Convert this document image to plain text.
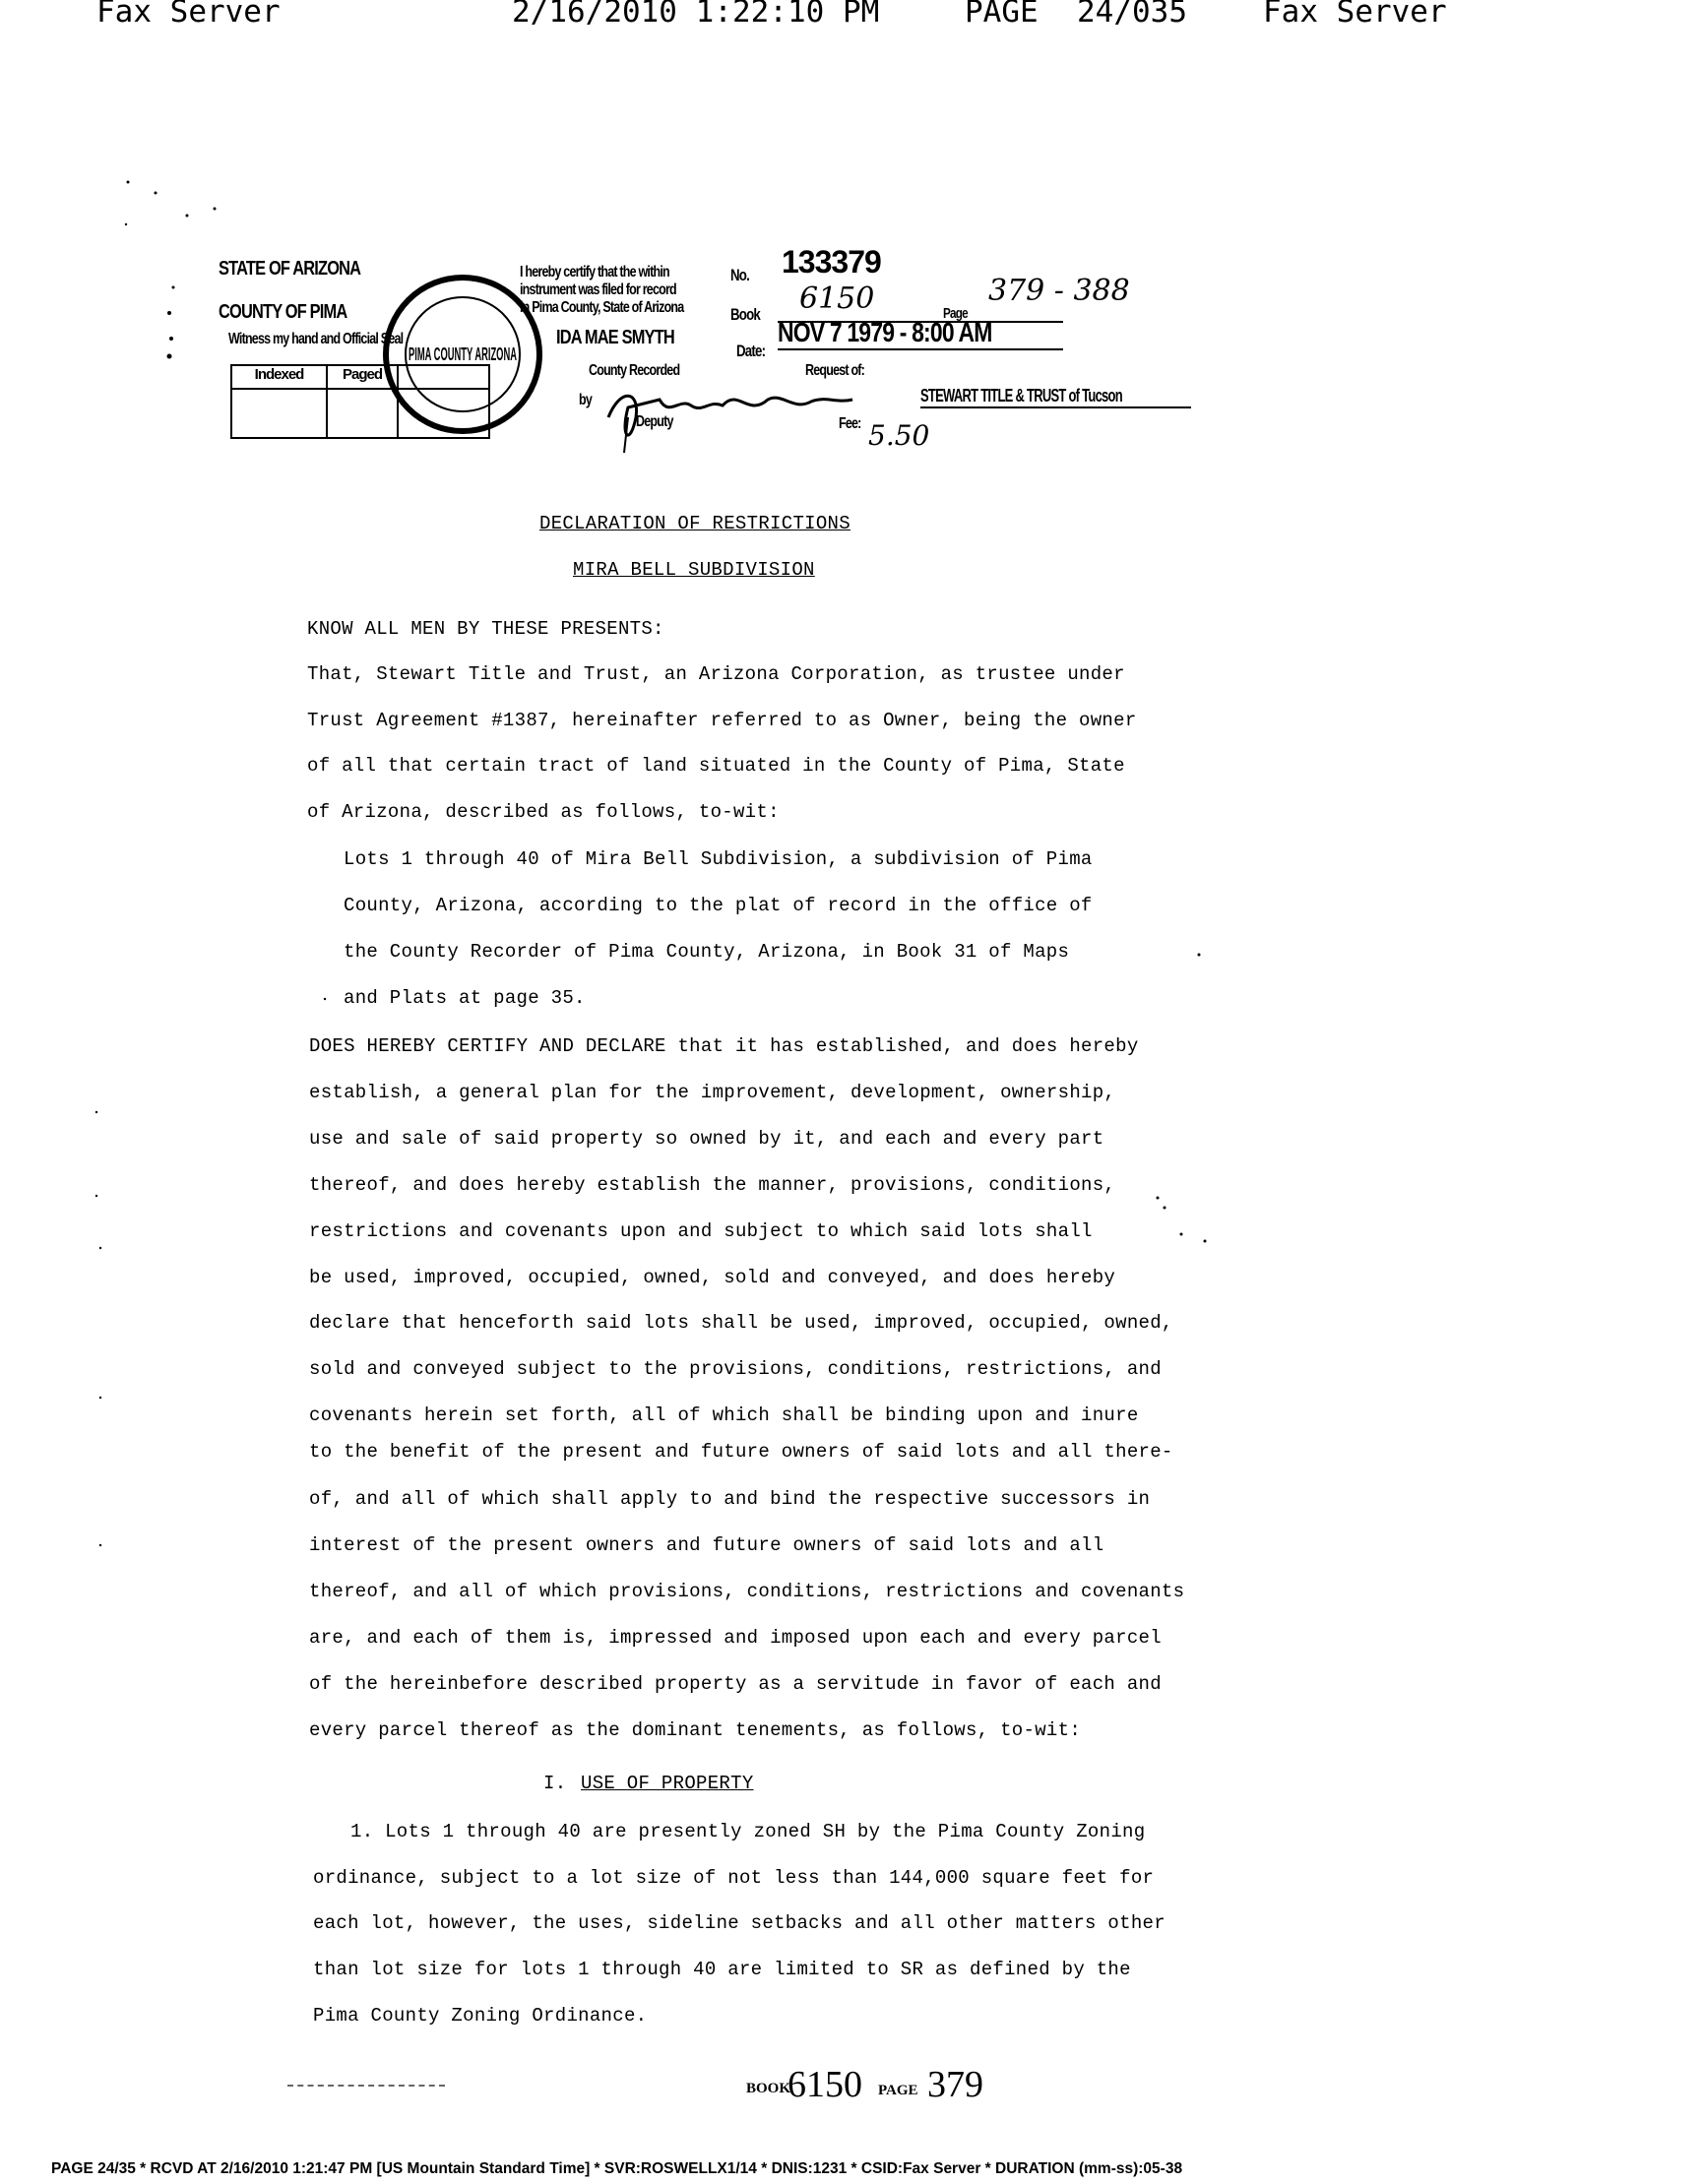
Fax Server	2/16/2010 1:22:10 PM	PAGE 24/035 Fax Server
STATE OF ARIZONA
COUNTY OF PIMA
Witness my hand and Official Seal
Indexed	Paged
PIMA COUNTY ARIZONA
I hereby certify that the within
instrument was filed for record
in Pima County, State of Arizona
IDA MAE SMYTH
County Recorded
by
Deputy
No. 133379
Book 6150	Page
379 - 388
Date:
NOV 7 1979 - 8:00 AM
Request of:
STEWART TITLE & TRUST of Tucson
Fee: 5.50
DECLARATION OF RESTRICTIONS
MIRA BELL SUBDIVISION
KNOW ALL MEN BY THESE PRESENTS:
That, Stewart Title and Trust, an Arizona Corporation, as trustee under
Trust Agreement #1387, hereinafter referred to as Owner, being the owner
of all that certain tract of land situated in the County of Pima, State
of Arizona, described as follows, to-wit:
Lots 1 through 40 of Mira Bell Subdivision, a subdivision of Pima
County, Arizona, according to the plat of record in the office of
the County Recorder of Pima County, Arizona, in Book 31 of Maps
and Plats at page 35.
DOES HEREBY CERTIFY AND DECLARE that it has established, and does hereby
establish, a general plan for the improvement, development, ownership,
use and sale of said property so owned by it, and each and every part
thereof, and does hereby establish the manner, provisions, conditions,
restrictions and covenants upon and subject to which said lots shall
be used, improved, occupied, owned, sold and conveyed, and does hereby
declare that henceforth said lots shall be used, improved, occupied, owned,
sold and conveyed subject to the provisions, conditions, restrictions, and
covenants herein set forth, all of which shall be binding upon and inure
to the benefit of the present and future owners of said lots and all there-
of, and all of which shall apply to and bind the respective successors in
interest of the present owners and future owners of said lots and all
thereof, and all of which provisions, conditions, restrictions and covenants
are, and each of them is, impressed and imposed upon each and every parcel
of the hereinbefore described property as a servitude in favor of each and
every parcel thereof as the dominant tenements, as follows, to-wit:
I. USE OF PROPERTY
1. Lots 1 through 40 are presently zoned SH by the Pima County Zoning
ordinance, subject to a lot size of not less than 144,000 square feet for
each lot, however, the uses, sideline setbacks and all other matters other
than lot size for lots 1 through 40 are limited to SR as defined by the
Pima County Zoning Ordinance.
BOOK
6150 PAGE 379
PAGE 24/35 * RCVD AT 2/16/2010 1:21:47 PM [US Mountain Standard Time] * SVR:ROSWELLX1/14 * DNIS:1231 * CSID:Fax Server * DURATION (mm-ss):05-38
